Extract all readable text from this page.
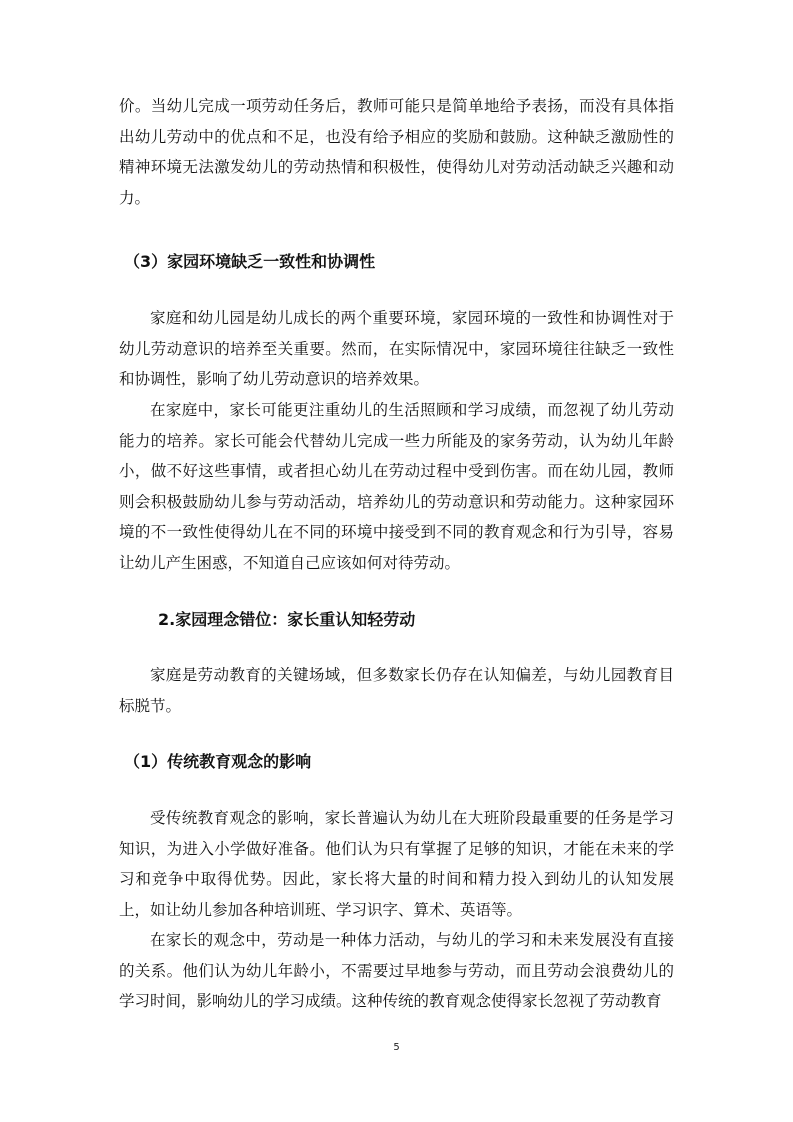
价。当幼儿完成一项劳动任务后，教师可能只是简单地给予表扬，而没有具体指出幼儿劳动中的优点和不足，也没有给予相应的奖励和鼓励。这种缺乏激励性的精神环境无法激发幼儿的劳动热情和积极性，使得幼儿对劳动活动缺乏兴趣和动力。

（3）家园环境缺乏一致性和协调性

家庭和幼儿园是幼儿成长的两个重要环境，家园环境的一致性和协调性对于幼儿劳动意识的培养至关重要。然而，在实际情况中，家园环境往往缺乏一致性和协调性，影响了幼儿劳动意识的培养效果。

在家庭中，家长可能更注重幼儿的生活照顾和学习成绩，而忽视了幼儿劳动能力的培养。家长可能会代替幼儿完成一些力所能及的家务劳动，认为幼儿年龄小，做不好这些事情，或者担心幼儿在劳动过程中受到伤害。而在幼儿园，教师则会积极鼓励幼儿参与劳动活动，培养幼儿的劳动意识和劳动能力。这种家园环境的不一致性使得幼儿在不同的环境中接受到不同的教育观念和行为引导，容易让幼儿产生困惑，不知道自己应该如何对待劳动。

2.家园理念错位：家长重认知轻劳动

家庭是劳动教育的关键场域，但多数家长仍存在认知偏差，与幼儿园教育目标脱节。

（1）传统教育观念的影响

受传统教育观念的影响，家长普遍认为幼儿在大班阶段最重要的任务是学习知识，为进入小学做好准备。他们认为只有掌握了足够的知识，才能在未来的学习和竞争中取得优势。因此，家长将大量的时间和精力投入到幼儿的认知发展上，如让幼儿参加各种培训班、学习识字、算术、英语等。

在家长的观念中，劳动是一种体力活动，与幼儿的学习和未来发展没有直接的关系。他们认为幼儿年龄小，不需要过早地参与劳动，而且劳动会浪费幼儿的学习时间，影响幼儿的学习成绩。这种传统的教育观念使得家长忽视了劳动教育

5
